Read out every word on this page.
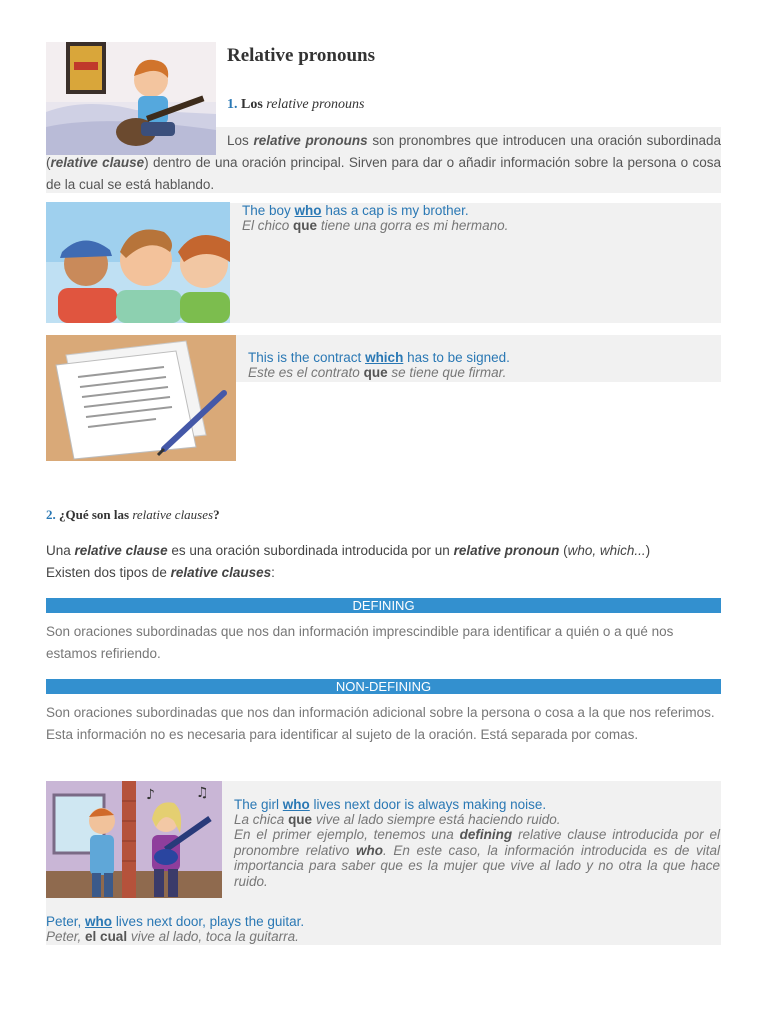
Relative pronouns
1. Los relative pronouns
Los relative pronouns son pronombres que introducen una oración subordinada (relative clause) dentro de una oración principal. Sirven para dar o añadir información sobre la persona o cosa de la cual se está hablando.
The boy who has a cap is my brother.
El chico que tiene una gorra es mi hermano.
This is the contract which has to be signed.
Este es el contrato que se tiene que firmar.
2. ¿Qué son las relative clauses?
Una relative clause es una oración subordinada introducida por un relative pronoun (who, which...)
Existen dos tipos de relative clauses:
DEFINING
Son oraciones subordinadas que nos dan información imprescindible para identificar a quién o a qué nos estamos refiriendo.
NON-DEFINING
Son oraciones subordinadas que nos dan información adicional sobre la persona o cosa a la que nos referimos. Esta información no es necesaria para identificar al sujeto de la oración. Está separada por comas.
♪	♫
The girl who lives next door is always making noise.
La chica que vive al lado siempre está haciendo ruido.
En el primer ejemplo, tenemos una defining relative clause introducida por el pronombre relativo who. En este caso, la información introducida es de vital importancia para saber que es la mujer que vive al lado y no otra la que hace ruido.
Peter, who lives next door, plays the guitar.
Peter, el cual vive al lado, toca la guitarra.
